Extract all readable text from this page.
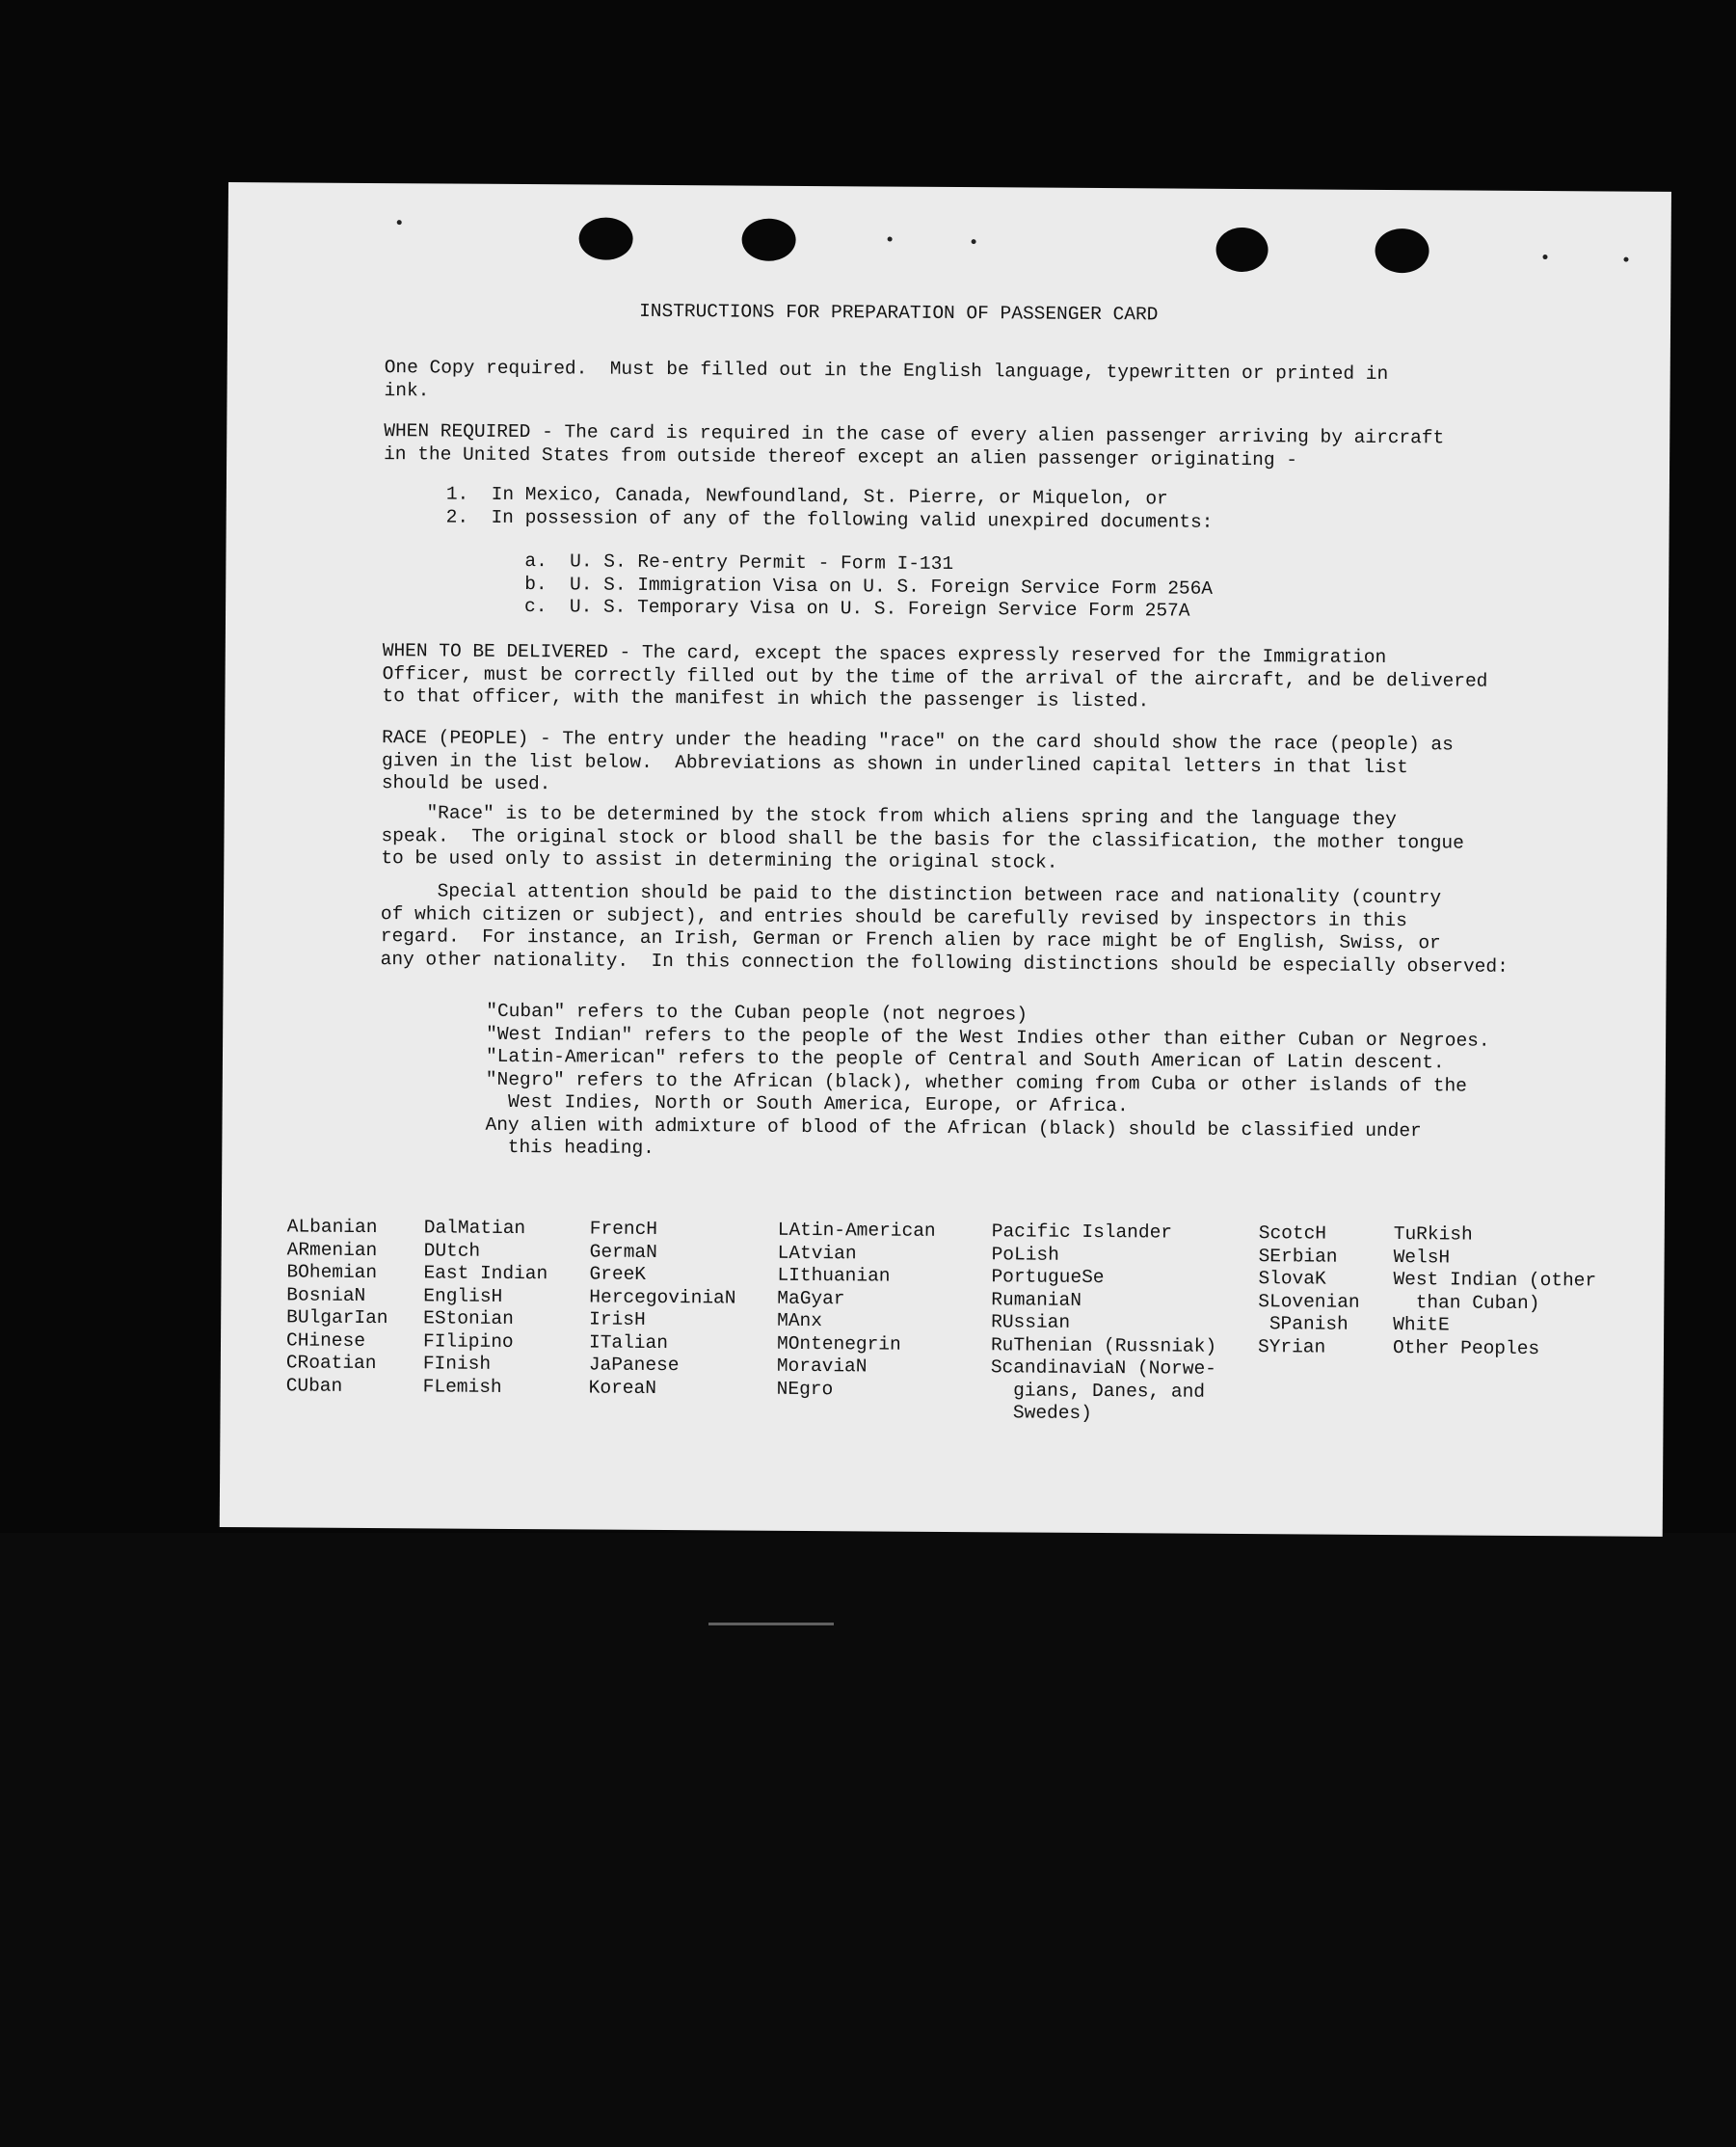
INSTRUCTIONS FOR PREPARATION OF PASSENGER CARD

One Copy required.  Must be filled out in the English language, typewritten or printed in
ink.

WHEN REQUIRED - The card is required in the case of every alien passenger arriving by aircraft
in the United States from outside thereof except an alien passenger originating -

1.  In Mexico, Canada, Newfoundland, St. Pierre, or Miquelon, or
2.  In possession of any of the following valid unexpired documents:

a.  U. S. Re-entry Permit - Form I-131
b.  U. S. Immigration Visa on U. S. Foreign Service Form 256A
c.  U. S. Temporary Visa on U. S. Foreign Service Form 257A

WHEN TO BE DELIVERED - The card, except the spaces expressly reserved for the Immigration
Officer, must be correctly filled out by the time of the arrival of the aircraft, and be delivered
to that officer, with the manifest in which the passenger is listed.

RACE (PEOPLE) - The entry under the heading "race" on the card should show the race (people) as
given in the list below.  Abbreviations as shown in underlined capital letters in that list
should be used.

"Race" is to be determined by the stock from which aliens spring and the language they
speak.  The original stock or blood shall be the basis for the classification, the mother tongue
to be used only to assist in determining the original stock.

Special attention should be paid to the distinction between race and nationality (country
of which citizen or subject), and entries should be carefully revised by inspectors in this
regard.  For instance, an Irish, German or French alien by race might be of English, Swiss, or
any other nationality.  In this connection the following distinctions should be especially observed:

"Cuban" refers to the Cuban people (not negroes)
"West Indian" refers to the people of the West Indies other than either Cuban or Negroes.
"Latin-American" refers to the people of Central and South American of Latin descent.
"Negro" refers to the African (black), whether coming from Cuba or other islands of the
West Indies, North or South America, Europe, or Africa.
Any alien with admixture of blood of the African (black) should be classified under
this heading.

ALbanian
ARmenian
BOhemian
BosniaN
BUlgarIan
CHinese
CRoatian
CUban
DalMatian
DUtch
East Indian
EnglisH
EStonian
FIlipino
FInish
FLemish
FrencH
GermaN
GreeK
HercegoviniaN
IrisH
ITalian
JaPanese
KoreaN
LAtin-American
LAtvian
LIthuanian
MaGyar
MAnx
MOntenegrin
MoraviaN
NEgro
Pacific Islander
PoLish
PortugueSe
RumaniaN
RUssian
RuThenian (Russniak)
ScandinaviaN (Norwe-
gians, Danes, and
Swedes)
ScotcH
SErbian
SlovaK
SLovenian
SPanish
SYrian
TuRkish
WelsH
West Indian (other
than Cuban)
WhitE
Other Peoples
